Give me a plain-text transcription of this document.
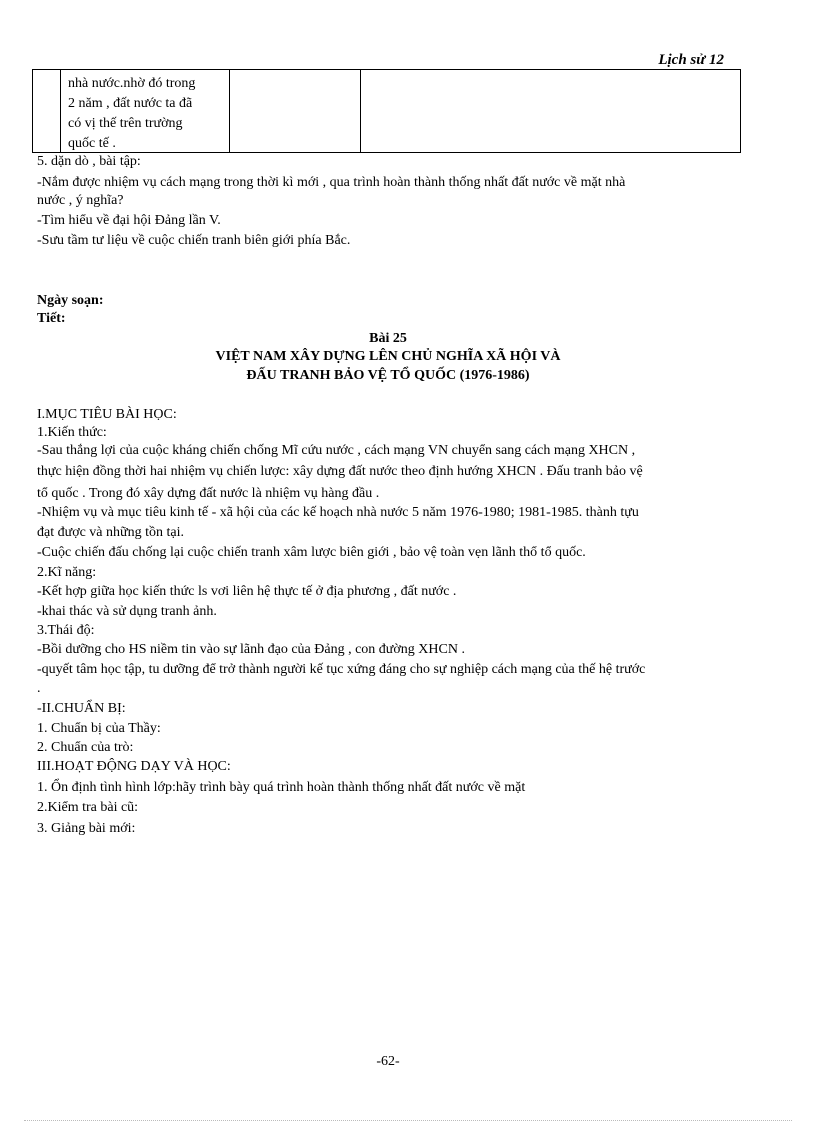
Lịch sử 12
nhà nước.nhờ đó trong
2 năm , đất nước ta đã
có vị thế trên trường
quốc tế .
5. dặn dò , bài tập:
-Nắm được nhiệm vụ cách mạng trong thời kì mới , qua trình hoàn thành thống nhất đất nước về mặt nhà
nước , ý nghĩa?
-Tìm hiểu về đại hội Đảng lần V.
-Sưu tầm tư liệu về cuộc chiến tranh biên giới phía Bắc.
Ngày soạn:
Tiết:
Bài 25
VIỆT NAM XÂY DỰNG LÊN CHỦ NGHĨA XÃ HỘI VÀ
ĐẤU TRANH BẢO VỆ TỔ QUỐC (1976-1986)
I.MỤC TIÊU BÀI HỌC:
1.Kiến thức:
-Sau thắng lợi của cuộc kháng chiến chống Mĩ cứu nước , cách mạng VN chuyển sang cách mạng XHCN ,
thực hiện đồng thời hai nhiệm vụ chiến lược: xây dựng đất nước theo định hướng XHCN . Đấu tranh bảo vệ
tổ quốc . Trong đó xây dựng đất nước là nhiệm vụ hàng đầu .
-Nhiệm vụ và mục tiêu kinh tế - xã hội của các kế hoạch nhà nước 5 năm 1976-1980; 1981-1985. thành tựu
đạt được và những tồn tại.
-Cuộc chiến đấu chống lại cuộc chiến tranh xâm lược biên giới , bảo vệ toàn vẹn lãnh thổ tổ quốc.
2.Kĩ năng:
-Kết hợp giữa học kiến thức ls vơi liên hệ thực tế ở địa phương , đất nước .
-khai thác và sử dụng tranh ảnh.
3.Thái độ:
-Bồi dưỡng cho HS niềm tin vào sự lãnh đạo của Đảng , con đường XHCN .
-quyết tâm học tập, tu dưỡng để trở thành người kế tục xứng đáng cho sự nghiệp cách mạng của thế hệ trước
.
-II.CHUẨN BỊ:
1. Chuẩn bị của Thầy:
2. Chuẩn của trò:
III.HOẠT ĐỘNG DẠY VÀ HỌC:
1. Ổn định tình hình lớp:hãy trình bày quá trình hoàn thành thống nhất đất nước về mặt
2.Kiểm tra bài cũ:
3. Giảng bài mới:
-62-
